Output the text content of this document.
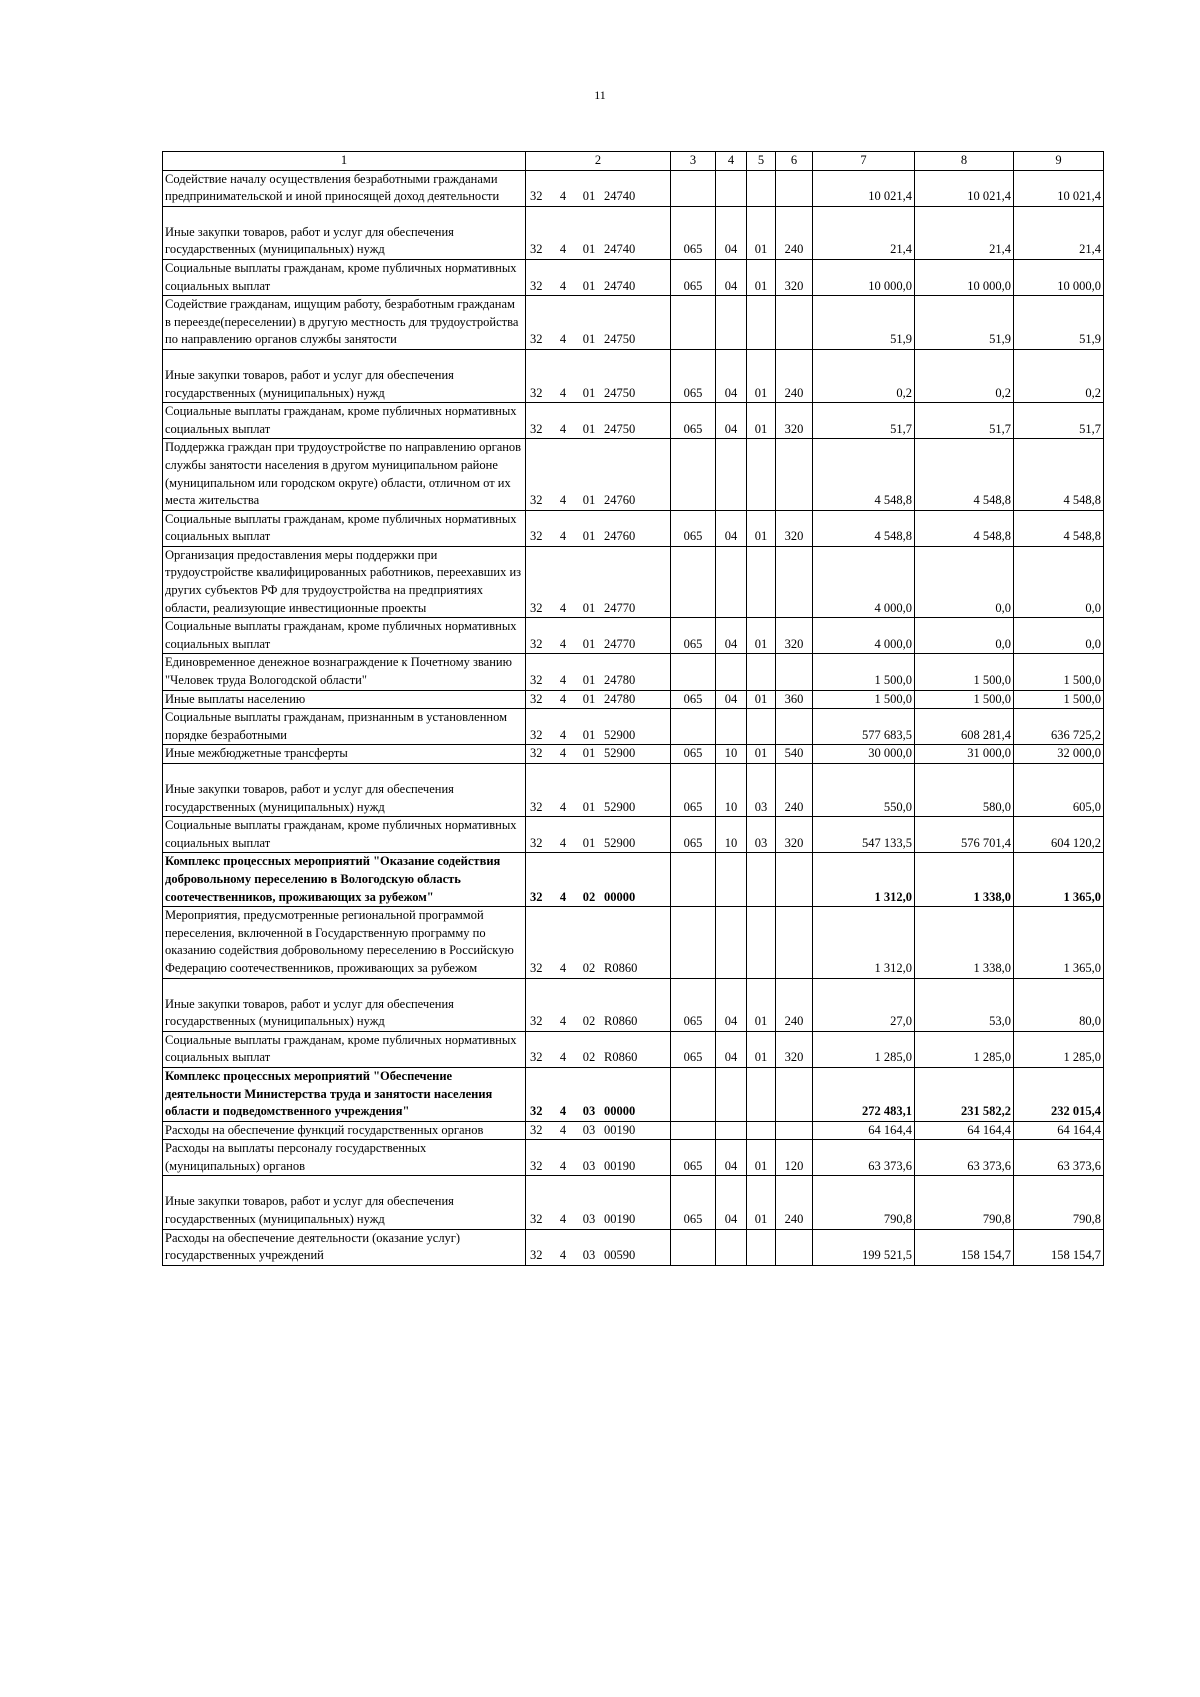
11
1	2	3	4	5	6	7	8	9
Содействие началу осуществления безработными гражданами предпринимательской и иной приносящей доход деятельности	32 4 01 24740					10 021,4	10 021,4	10 021,4
Иные закупки товаров, работ и услуг для обеспечения государственных (муниципальных) нужд	32 4 01 24740	065	04	01	240	21,4	21,4	21,4
Социальные выплаты гражданам, кроме публичных нормативных социальных выплат	32 4 01 24740	065	04	01	320	10 000,0	10 000,0	10 000,0
Содействие гражданам, ищущим работу, безработным гражданам в переезде(переселении) в другую местность для трудоустройства по направлению органов службы занятости	32 4 01 24750					51,9	51,9	51,9
Иные закупки товаров, работ и услуг для обеспечения государственных (муниципальных) нужд	32 4 01 24750	065	04	01	240	0,2	0,2	0,2
Социальные выплаты гражданам, кроме публичных нормативных социальных выплат	32 4 01 24750	065	04	01	320	51,7	51,7	51,7
Поддержка граждан при трудоустройстве по направлению органов службы занятости населения в другом муниципальном районе (муниципальном или городском округе) области, отличном от их места жительства	32 4 01 24760					4 548,8	4 548,8	4 548,8
Социальные выплаты гражданам, кроме публичных нормативных социальных выплат	32 4 01 24760	065	04	01	320	4 548,8	4 548,8	4 548,8
Организация предоставления меры поддержки при трудоустройстве квалифицированных работников, переехавших из других субъектов РФ для трудоустройства на предприятиях области, реализующие инвестиционные проекты	32 4 01 24770					4 000,0	0,0	0,0
Социальные выплаты гражданам, кроме публичных нормативных социальных выплат	32 4 01 24770	065	04	01	320	4 000,0	0,0	0,0
Единовременное денежное вознаграждение к Почетному званию "Человек труда Вологодской области"	32 4 01 24780					1 500,0	1 500,0	1 500,0
Иные выплаты населению	32 4 01 24780	065	04	01	360	1 500,0	1 500,0	1 500,0
Социальные выплаты гражданам, признанным в установленном порядке безработными	32 4 01 52900					577 683,5	608 281,4	636 725,2
Иные межбюджетные трансферты	32 4 01 52900	065	10	01	540	30 000,0	31 000,0	32 000,0
Иные закупки товаров, работ и услуг для обеспечения государственных (муниципальных) нужд	32 4 01 52900	065	10	03	240	550,0	580,0	605,0
Социальные выплаты гражданам, кроме публичных нормативных социальных выплат	32 4 01 52900	065	10	03	320	547 133,5	576 701,4	604 120,2
Комплекс процессных мероприятий "Оказание содействия добровольному переселению в Вологодскую область соотечественников, проживающих за рубежом"	32 4 02 00000					1 312,0	1 338,0	1 365,0
Мероприятия, предусмотренные региональной программой переселения, включенной в Государственную программу по оказанию содействия добровольному переселению в Российскую Федерацию соотечественников, проживающих за рубежом	32 4 02 R0860					1 312,0	1 338,0	1 365,0
Иные закупки товаров, работ и услуг для обеспечения государственных (муниципальных) нужд	32 4 02 R0860	065	04	01	240	27,0	53,0	80,0
Социальные выплаты гражданам, кроме публичных нормативных социальных выплат	32 4 02 R0860	065	04	01	320	1 285,0	1 285,0	1 285,0
Комплекс процессных мероприятий "Обеспечение деятельности Министерства труда и занятости населения области и подведомственного учреждения"	32 4 03 00000					272 483,1	231 582,2	232 015,4
Расходы на обеспечение функций государственных органов	32 4 03 00190					64 164,4	64 164,4	64 164,4
Расходы на выплаты персоналу государственных (муниципальных) органов	32 4 03 00190	065	04	01	120	63 373,6	63 373,6	63 373,6
Иные закупки товаров, работ и услуг для обеспечения государственных (муниципальных) нужд	32 4 03 00190	065	04	01	240	790,8	790,8	790,8
Расходы на обеспечение деятельности (оказание услуг) государственных учреждений	32 4 03 00590					199 521,5	158 154,7	158 154,7
